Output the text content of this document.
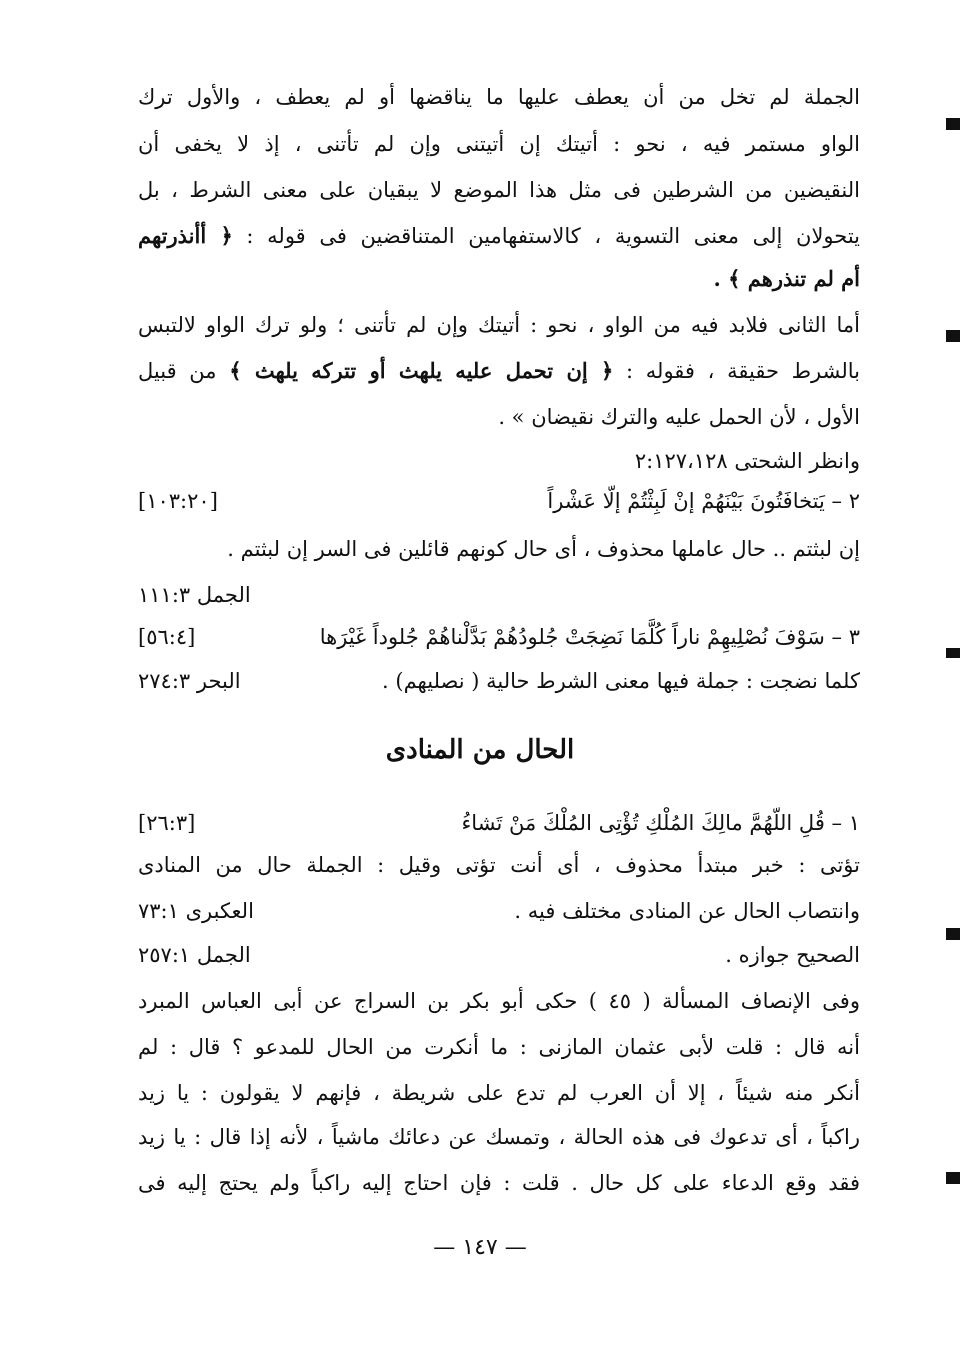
الجملة لم تخل من أن يعطف عليها ما يناقضها أو لم يعطف ، والأول ترك
الواو مستمر فيه ، نحو : أتيتك إن أتيتنى وإن لم تأتنى ، إذ لا يخفى أن
النقيضين من الشرطين فى مثل هذا الموضع لا يبقيان على معنى الشرط ، بل
يتحولان إلى معنى التسوية ، كالاستفهامين المتناقضين فى قوله : ﴿ أأنذرتهم
أم لم تنذرهم ﴾ .
أما الثانى فلابد فيه من الواو ، نحو : أتيتك وإن لم تأتنى ؛ ولو ترك الواو لالتبس
بالشرط حقيقة ، فقوله : ﴿ إن تحمل عليه يلهث أو تتركه يلهث ﴾ من قبيل
الأول ، لأن الحمل عليه والترك نقيضان » .
وانظر الشحتى ٢:١٢٧،١٢٨
٢ – يَتخافَتُونَ بَيْنَهُمْ إنْ لَبِثْتُمْ إلّا عَشْراً
[١٠٣:٢٠]
إن لبثتم .. حال عاملها محذوف ، أى حال كونهم قائلين فى السر إن لبثتم .
الجمل ١١١:٣
٣ – سَوْفَ نُصْلِيهِمْ ناراً كُلَّمَا نَضِجَتْ جُلودُهُمْ بَدَّلْناهُمْ جُلوداً غَيْرَها
[٥٦:٤]
كلما نضجت : جملة فيها معنى الشرط حالية ( نصليهم) .
البحر ٢٧٤:٣
الحال من المنادى
١ – قُلِ اللّهُمَّ مالِكَ المُلْكِ تُؤْتِى المُلْكَ مَنْ تَشاءُ
[٢٦:٣]
تؤتى : خبر مبتدأ محذوف ، أى أنت تؤتى وقيل : الجملة حال من المنادى
وانتصاب الحال عن المنادى مختلف فيه .
العكبرى ٧٣:١
الصحيح جوازه .
الجمل ٢٥٧:١
وفى الإنصاف المسألة ( ٤٥ ) حكى أبو بكر بن السراج عن أبى العباس المبرد
أنه قال : قلت لأبى عثمان المازنى : ما أنكرت من الحال للمدعو ؟ قال : لم
أنكر منه شيئاً ، إلا أن العرب لم تدع على شريطة ، فإنهم لا يقولون : يا زيد
راكباً ، أى تدعوك فى هذه الحالة ، وتمسك عن دعائك ماشياً ، لأنه إذا قال : يا زيد
فقد وقع الدعاء على كل حال . قلت : فإن احتاج إليه راكباً ولم يحتج إليه فى
— ١٤٧ —
